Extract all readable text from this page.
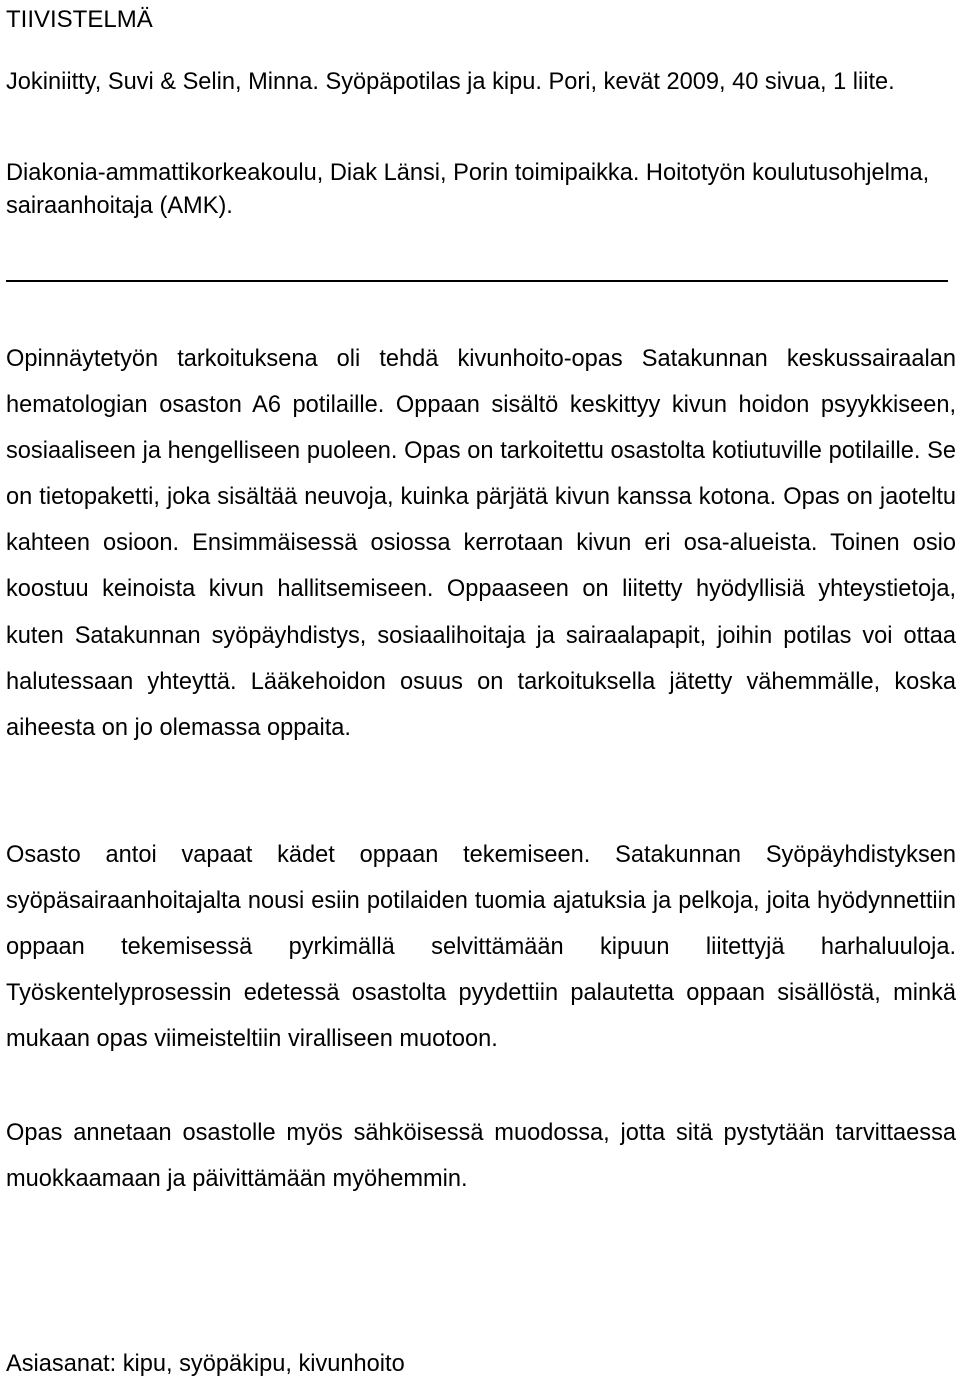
TIIVISTELMÄ
Jokiniitty, Suvi & Selin, Minna. Syöpäpotilas ja kipu. Pori, kevät 2009, 40 sivua, 1 liite.
Diakonia-ammattikorkeakoulu, Diak Länsi, Porin toimipaikka. Hoitotyön koulutusohjelma, sairaanhoitaja (AMK).

Opinnäytetyön tarkoituksena oli tehdä kivunhoito-opas Satakunnan keskussairaalan hematologian osaston A6 potilaille. Oppaan sisältö keskittyy kivun hoidon psyykkiseen, sosiaaliseen ja hengelliseen puoleen. Opas on tarkoitettu osastolta kotiutuville potilaille. Se on tietopaketti, joka sisältää neuvoja, kuinka pärjätä kivun kanssa kotona. Opas on jaoteltu kahteen osioon. Ensimmäisessä osiossa kerrotaan kivun eri osa-alueista. Toinen osio koostuu keinoista kivun hallitsemiseen. Oppaaseen on liitetty hyödyllisiä yhteystietoja, kuten Satakunnan syöpäyhdistys, sosiaalihoitaja ja sairaalapapit, joihin potilas voi ottaa halutessaan yhteyttä. Lääkehoidon osuus on tarkoituksella jätetty vähemmälle, koska aiheesta on jo olemassa oppaita.

Osasto antoi vapaat kädet oppaan tekemiseen. Satakunnan Syöpäyhdistyksen syöpäsairaanhoitajalta nousi esiin potilaiden tuomia ajatuksia ja pelkoja, joita hyödynnettiin oppaan tekemisessä pyrkimällä selvittämään kipuun liitettyjä harhaluuloja. Työskentelyprosessin edetessä osastolta pyydettiin palautetta oppaan sisällöstä, minkä mukaan opas viimeisteltiin viralliseen muotoon.

Opas annetaan osastolle myös sähköisessä muodossa, jotta sitä pystytään tarvittaessa muokkaamaan ja päivittämään myöhemmin.

Asiasanat: kipu, syöpäkipu, kivunhoito
